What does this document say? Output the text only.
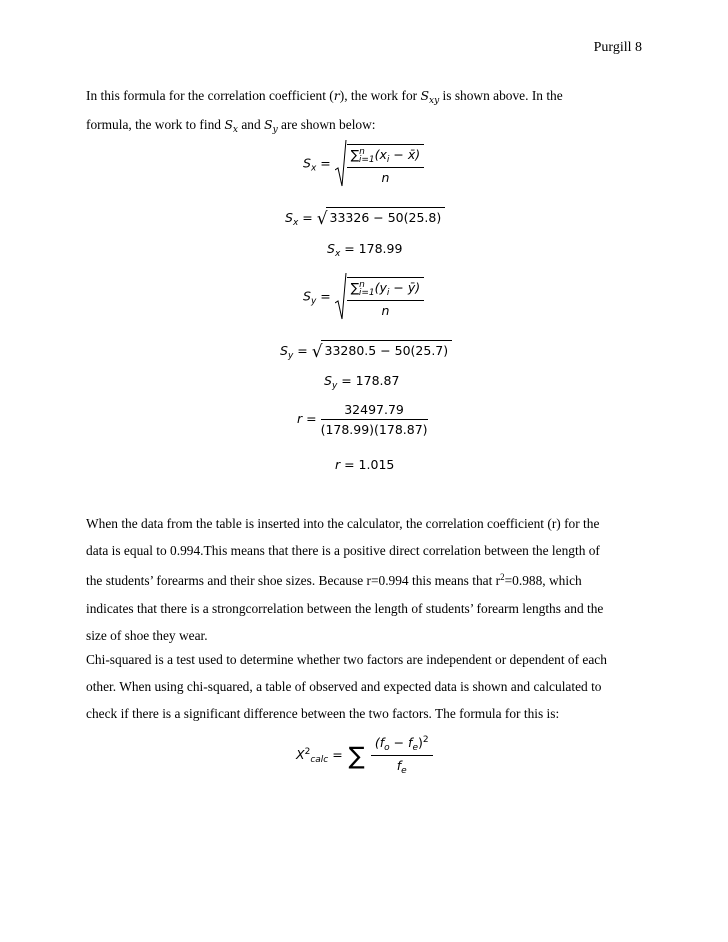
Purgill 8

In this formula for the correlation coefficient (r), the work for $S_{xy}$ is shown above. In the
formula, the work to find $S_x$ and $S_y$ are shown below:

$S_x = \frac{\sum^n_{i=1}(x_i - x̄)}{n}$
$S_x$ = √ 33326 − 50(25.8)
$S_x = 178.99$
$S_y = \frac{\sum^n_{i=1}(y_i - ȳ)}{n}$
$S_y$ = √ 33280.5 − 50(25.7)
$S_y = 178.87$
$r = \frac{32497.79}{(178.99)(178.87)}$
r = 1.015

When the data from the table is inserted into the calculator, the correlation coefficient (r) for the
data is equal to 0.994.This means that there is a positive direct correlation between the length of
the students’ forearms and their shoe sizes. Because r=0.994 this means that $r^2=0.988$, which
indicates that there is a strongcorrelation between the length of students’ forearm lengths and the
size of shoe they wear.

Chi-squared is a test used to determine whether two factors are independent or dependent of each
other. When using chi-squared, a table of observed and expected data is shown and calculated to
check if there is a significant difference between the two factors. The formula for this is:

$X^2_{calc}$ = ∑ $\frac{(f_o - f_e)^2}{f_e}$
